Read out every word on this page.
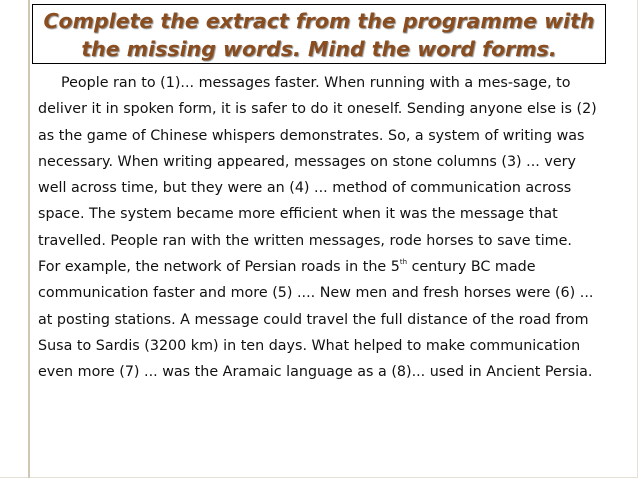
Complete the extract from the programme with
the missing words. Mind the word forms.
People ran to (1)... messages faster. When running with a mes-sage, to
deliver it in spoken form, it is safer to do it oneself. Sending anyone else is (2)
as the game of Chinese whispers demonstrates. So, a system of writing was
necessary. When writing appeared, messages on stone columns (3) ... very
well across time, but they were an (4) ... method of communication across
space. The system became more efficient when it was the message that
travelled. People ran with the written messages, rode horses to save time.
For example, the network of Persian roads in the 5th century BC made
communication faster and more (5) .... New men and fresh horses were (6) ...
at posting stations. A message could travel the full distance of the road from
Susa to Sardis (3200 km) in ten days. What helped to make communication
even more (7) ... was the Aramaic language as a (8)... used in Ancient Persia.
